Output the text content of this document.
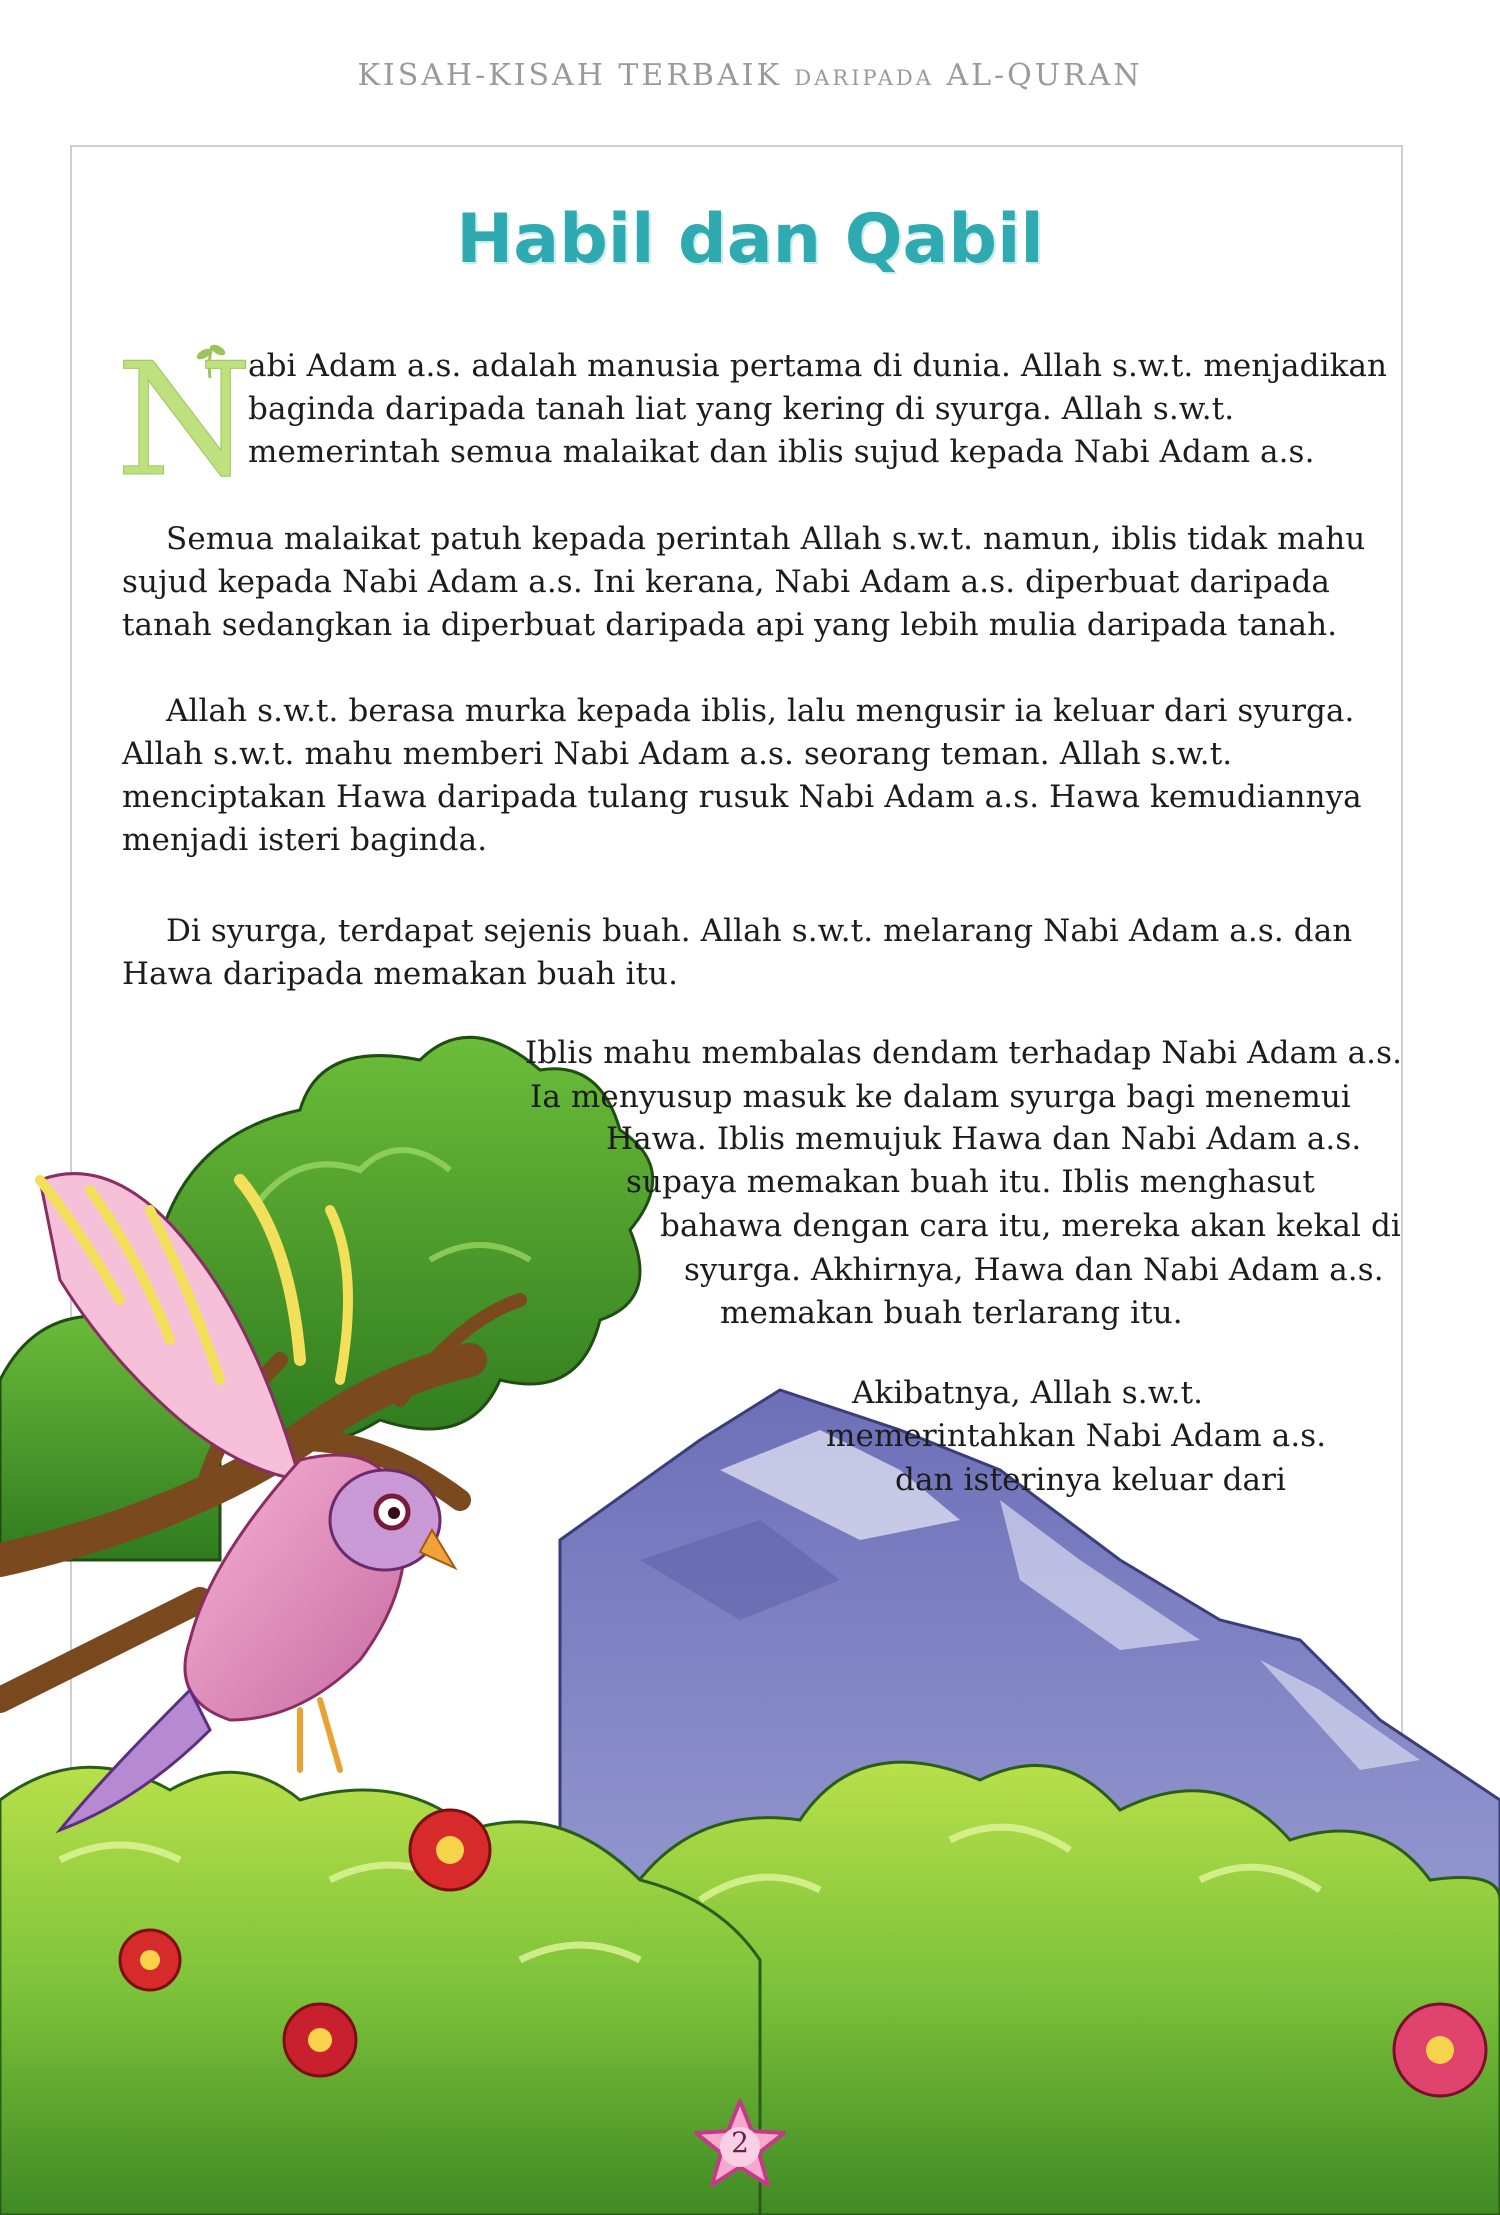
KISAH-KISAH TERBAIK DARIPADA AL-QURAN
Habil dan Qabil
N
abi Adam a.s. adalah manusia pertama di dunia. Allah s.w.t. menjadikan
baginda daripada tanah liat yang kering di syurga. Allah s.w.t.
memerintah semua malaikat dan iblis sujud kepada Nabi Adam a.s.
Semua malaikat patuh kepada perintah Allah s.w.t. namun, iblis tidak mahu
sujud kepada Nabi Adam a.s. Ini kerana, Nabi Adam a.s. diperbuat daripada
tanah sedangkan ia diperbuat daripada api yang lebih mulia daripada tanah.
Allah s.w.t. berasa murka kepada iblis, lalu mengusir ia keluar dari syurga.
Allah s.w.t. mahu memberi Nabi Adam a.s. seorang teman. Allah s.w.t.
menciptakan Hawa daripada tulang rusuk Nabi Adam a.s. Hawa kemudiannya
menjadi isteri baginda.
Di syurga, terdapat sejenis buah. Allah s.w.t. melarang Nabi Adam a.s. dan
Hawa daripada memakan buah itu.
Iblis mahu membalas dendam terhadap Nabi Adam a.s.
Ia menyusup masuk ke dalam syurga bagi menemui
Hawa. Iblis memujuk Hawa dan Nabi Adam a.s.
supaya memakan buah itu. Iblis menghasut
bahawa dengan cara itu, mereka akan kekal di
syurga. Akhirnya, Hawa dan Nabi Adam a.s.
memakan buah terlarang itu.
Akibatnya, Allah s.w.t.
memerintahkan Nabi Adam a.s.
dan isterinya keluar dari
2
